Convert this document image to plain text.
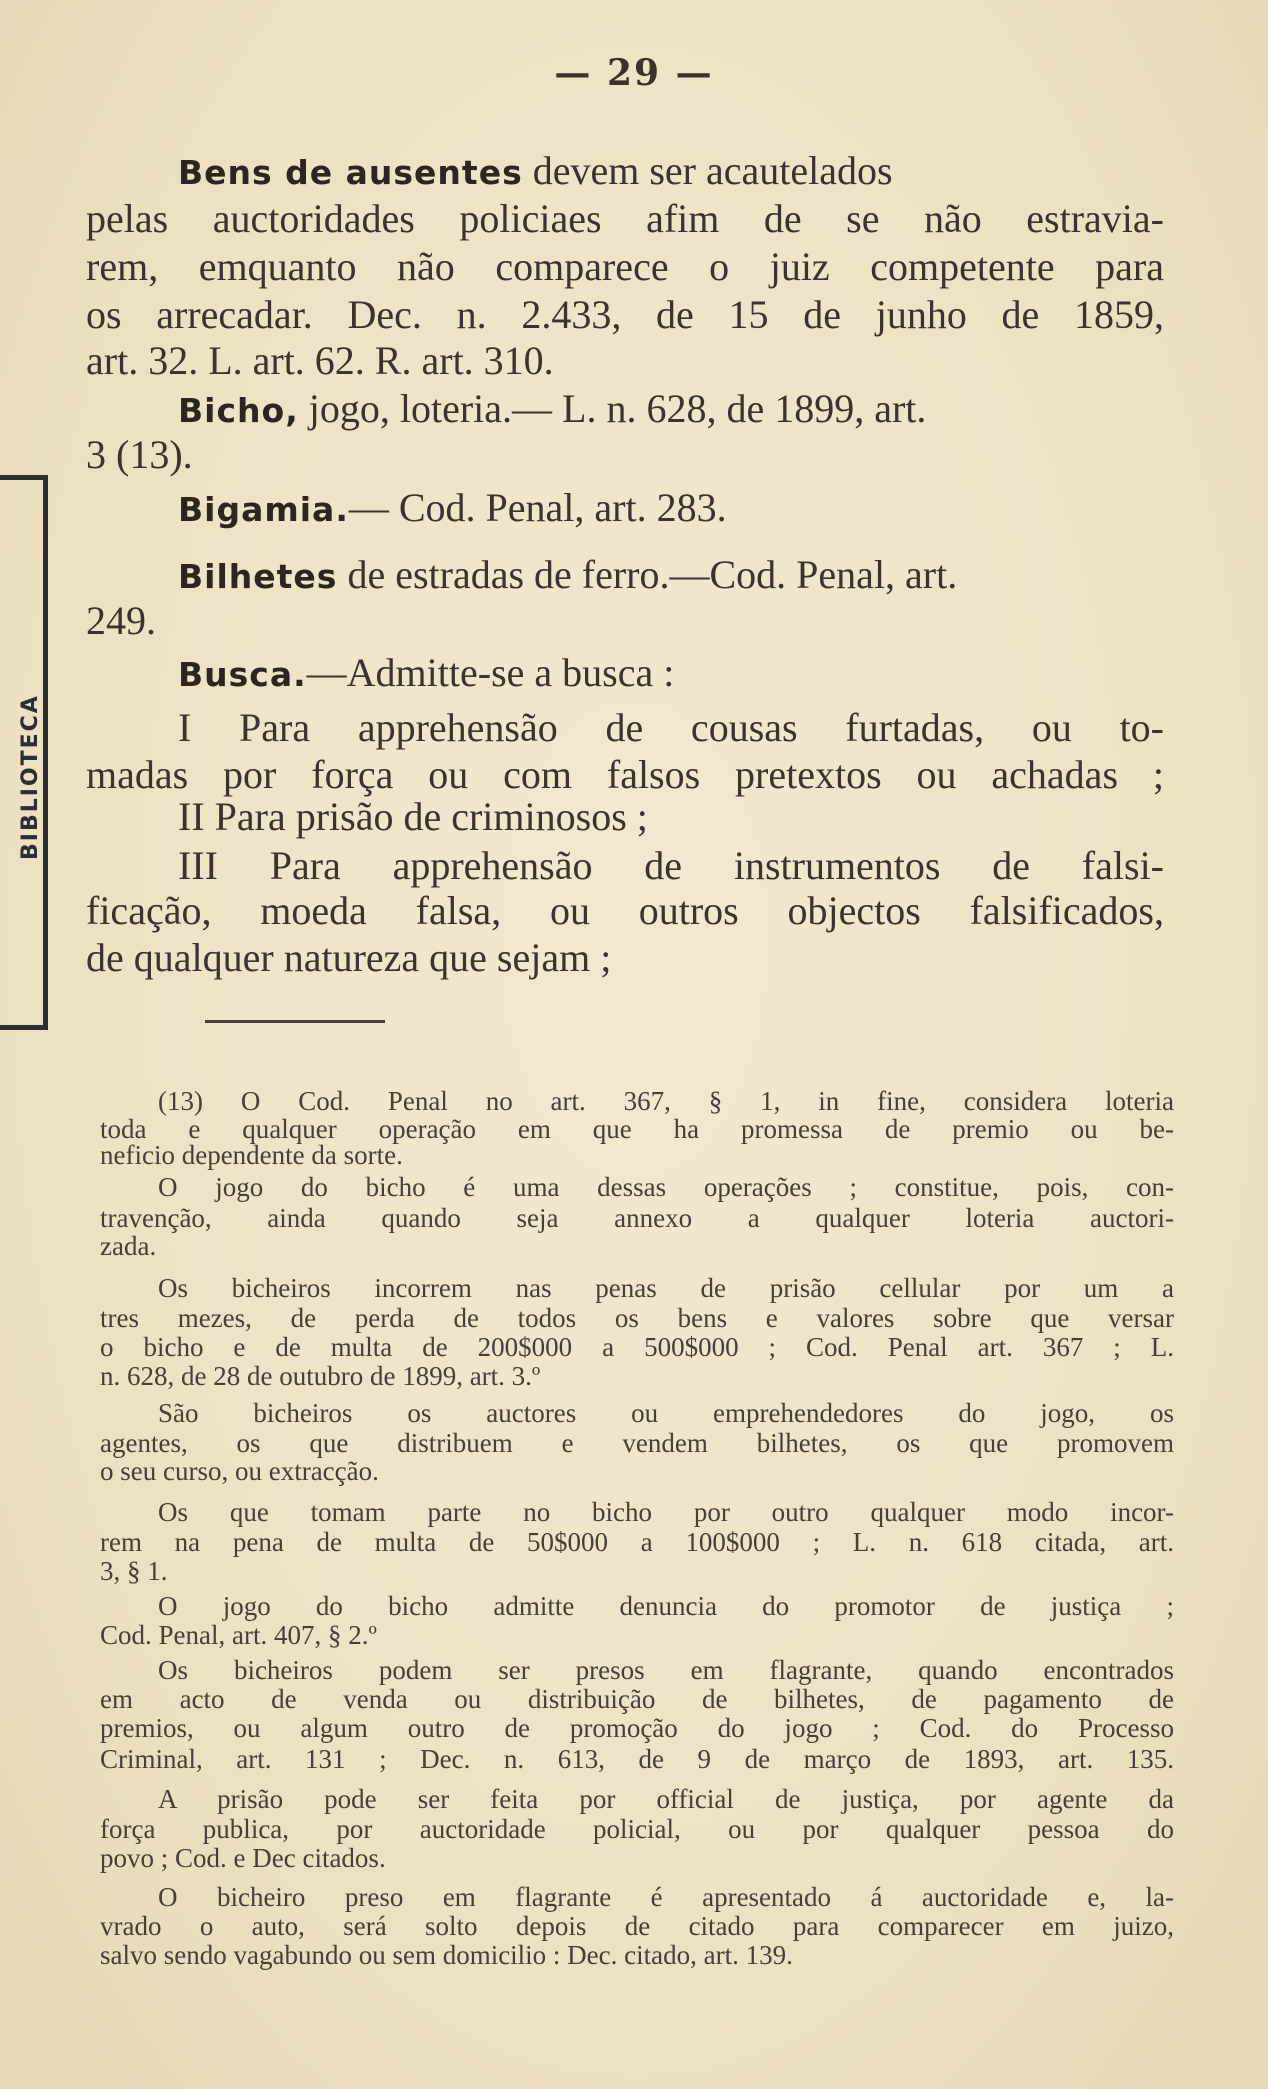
BIBLIOTECA
— 29 —
Bens de ausentes devem ser acautelados
pelas auctoridades policiaes afim de se não estravia-
rem, emquanto não comparece o juiz competente para
os arrecadar. Dec. n. 2.433, de 15 de junho de 1859,
art. 32. L. art. 62. R. art. 310.
Bicho, jogo, loteria.— L. n. 628, de 1899, art.
3 (13).
Bigamia.— Cod. Penal, art. 283.
Bilhetes de estradas de ferro.—Cod. Penal, art.
249.
Busca.—Admitte-se a busca :
I Para apprehensão de cousas furtadas, ou to-
madas por força ou com falsos pretextos ou achadas ;
II Para prisão de criminosos ;
III Para apprehensão de instrumentos de falsi-
ficação, moeda falsa, ou outros objectos falsificados,
de qualquer natureza que sejam ;
(13) O Cod. Penal no art. 367, § 1, in fine, considera loteria
toda e qualquer operação em que ha promessa de premio ou be-
neficio dependente da sorte.
O jogo do bicho é uma dessas operações ; constitue, pois, con-
travenção, ainda quando seja annexo a qualquer loteria auctori-
zada.
Os bicheiros incorrem nas penas de prisão cellular por um a
tres mezes, de perda de todos os bens e valores sobre que versar
o bicho e de multa de 200$000 a 500$000 ; Cod. Penal art. 367 ; L.
n. 628, de 28 de outubro de 1899, art. 3.º
São bicheiros os auctores ou emprehendedores do jogo, os
agentes, os que distribuem e vendem bilhetes, os que promovem
o seu curso, ou extracção.
Os que tomam parte no bicho por outro qualquer modo incor-
rem na pena de multa de 50$000 a 100$000 ; L. n. 618 citada, art.
3, § 1.
O jogo do bicho admitte denuncia do promotor de justiça ;
Cod. Penal, art. 407, § 2.º
Os bicheiros podem ser presos em flagrante, quando encontrados
em acto de venda ou distribuição de bilhetes, de pagamento de
premios, ou algum outro de promoção do jogo ; Cod. do Processo
Criminal, art. 131 ; Dec. n. 613, de 9 de março de 1893, art. 135.
A prisão pode ser feita por official de justiça, por agente da
força publica, por auctoridade policial, ou por qualquer pessoa do
povo ; Cod. e Dec citados.
O bicheiro preso em flagrante é apresentado á auctoridade e, la-
vrado o auto, será solto depois de citado para comparecer em juizo,
salvo sendo vagabundo ou sem domicilio : Dec. citado, art. 139.
